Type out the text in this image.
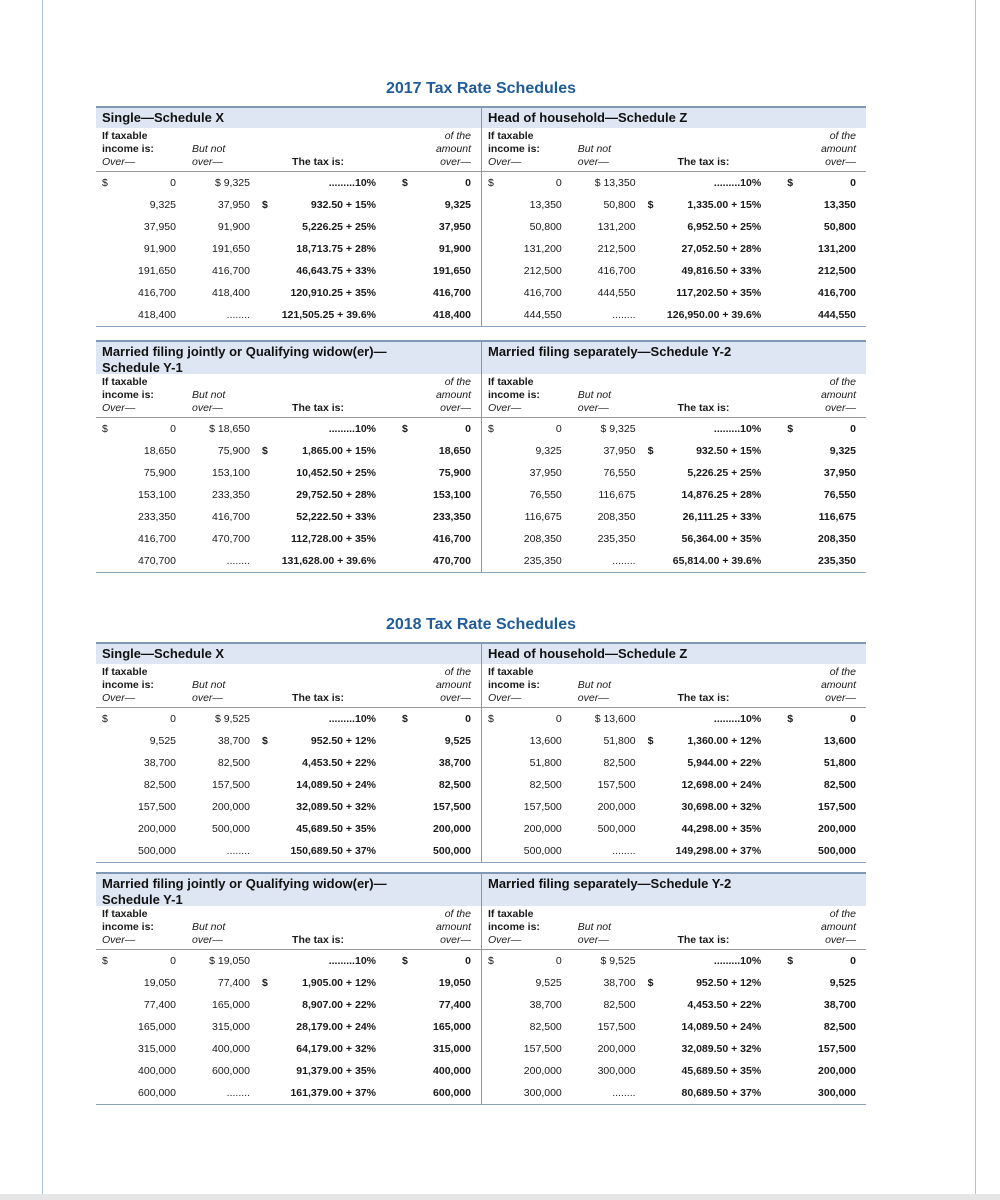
2017 Tax Rate Schedules
Single—Schedule X
If taxable
income is:
Over—
But not
over—	The tax is:
of the
amount
over—
$	0	$ 9,325	.........10% $	0
9,325	37,950 $	932.50 + 15%	9,325
37,950	91,900	5,226.25 + 25%	37,950
91,900	191,650	18,713.75 + 28%	91,900
191,650	416,700	46,643.75 + 33%	191,650
416,700	418,400	120,910.25 + 35%	416,700
418,400	........	121,505.25 + 39.6%	418,400
Head of household—Schedule Z
If taxable
income is:
Over—
But not
over—	The tax is:
of the
amount
over—
$	0	$ 13,350	.........10% $	0
13,350	50,800 $	1,335.00 + 15%	13,350
50,800	131,200	6,952.50 + 25%	50,800
131,200	212,500	27,052.50 + 28%	131,200
212,500	416,700	49,816.50 + 33%	212,500
416,700	444,550	117,202.50 + 35%	416,700
444,550	........	126,950.00 + 39.6%	444,550
Married filing jointly or Qualifying widow(er)—
Schedule Y-1
If taxable
income is:
Over—
But not
over—	The tax is:
of the
amount
over—
$	0	$ 18,650	.........10% $	0
18,650	75,900 $	1,865.00 + 15%	18,650
75,900	153,100	10,452.50 + 25%	75,900
153,100	233,350	29,752.50 + 28%	153,100
233,350	416,700	52,222.50 + 33%	233,350
416,700	470,700	112,728.00 + 35%	416,700
470,700	........	131,628.00 + 39.6%	470,700
Married filing separately—Schedule Y-2
If taxable
income is:
Over—
But not
over—	The tax is:
of the
amount
over—
$	0	$ 9,325	.........10% $	0
9,325	37,950 $	932.50 + 15%	9,325
37,950	76,550	5,226.25 + 25%	37,950
76,550	116,675	14,876.25 + 28%	76,550
116,675	208,350	26,111.25 + 33%	116,675
208,350	235,350	56,364.00 + 35%	208,350
235,350	........	65,814.00 + 39.6%	235,350
2018 Tax Rate Schedules
Single—Schedule X
If taxable
income is:
Over—
But not
over—	The tax is:
of the
amount
over—
$	0	$ 9,525	.........10% $	0
9,525	38,700 $	952.50 + 12%	9,525
38,700	82,500	4,453.50 + 22%	38,700
82,500	157,500	14,089.50 + 24%	82,500
157,500	200,000	32,089.50 + 32%	157,500
200,000	500,000	45,689.50 + 35%	200,000
500,000	........	150,689.50 + 37%	500,000
Head of household—Schedule Z
If taxable
income is:
Over—
But not
over—	The tax is:
of the
amount
over—
$	0	$ 13,600	.........10% $	0
13,600	51,800 $	1,360.00 + 12%	13,600
51,800	82,500	5,944.00 + 22%	51,800
82,500	157,500	12,698.00 + 24%	82,500
157,500	200,000	30,698.00 + 32%	157,500
200,000	500,000	44,298.00 + 35%	200,000
500,000	........	149,298.00 + 37%	500,000
Married filing jointly or Qualifying widow(er)—
Schedule Y-1
If taxable
income is:
Over—
But not
over—	The tax is:
of the
amount
over—
$	0	$ 19,050	.........10% $	0
19,050	77,400 $	1,905.00 + 12%	19,050
77,400	165,000	8,907.00 + 22%	77,400
165,000	315,000	28,179.00 + 24%	165,000
315,000	400,000	64,179.00 + 32%	315,000
400,000	600,000	91,379.00 + 35%	400,000
600,000	........	161,379.00 + 37%	600,000
Married filing separately—Schedule Y-2
If taxable
income is:
Over—
But not
over—	The tax is:
of the
amount
over—
$	0	$ 9,525	.........10% $	0
9,525	38,700 $	952.50 + 12%	9,525
38,700	82,500	4,453.50 + 22%	38,700
82,500	157,500	14,089.50 + 24%	82,500
157,500	200,000	32,089.50 + 32%	157,500
200,000	300,000	45,689.50 + 35%	200,000
300,000	........	80,689.50 + 37%	300,000
